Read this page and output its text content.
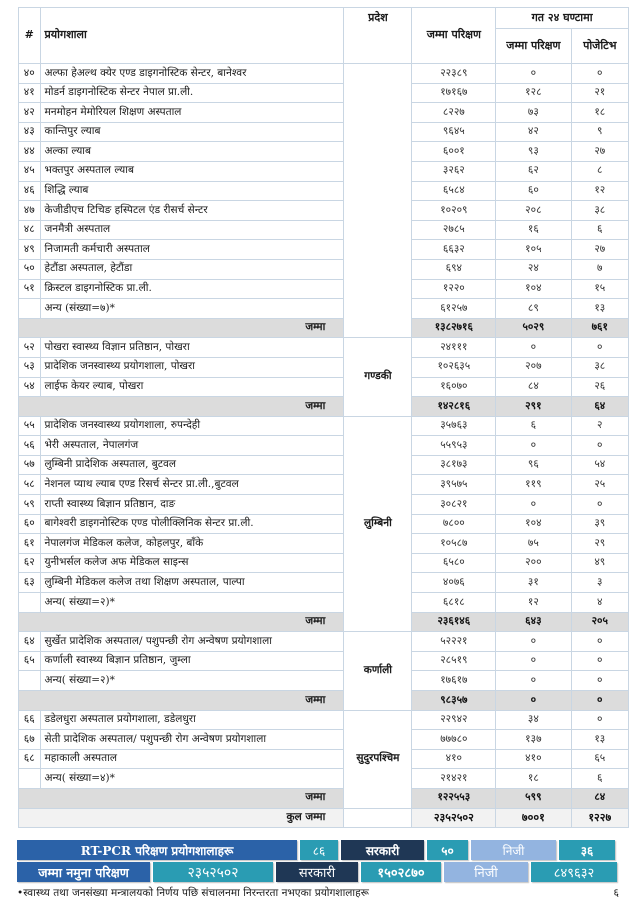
#	प्रयोगशाला	प्रदेश	जम्मा परिक्षण	गत २४ घण्टामा	
				जम्मा परिक्षण	पोजेटिभ
४०	अल्फा हेअल्थ क्येर एण्ड डाइगनोस्टिक सेन्टर, बानेश्वर		२२३८९	०	०
४१	मोडर्न डाइगनोस्टिक सेन्टर नेपाल प्रा.ली.		१७१६७	१२८	२१
४२	मनमोहन मेमोरियल शिक्षण अस्पताल		८२२७	७३	१८
४३	कान्तिपुर ल्याब		९६४५	४२	९
४४	अल्का ल्याब		६००१	९३	२७
४५	भक्तपुर अस्पताल ल्याब		३२६२	६२	८
४६	शिद्धि ल्याब		६५८४	६०	१२
४७	केजीडीएच टिचिङ हस्पिटल एंड रीसर्च सेन्टर		१०२०९	२०८	३८
४८	जनमैत्री अस्पताल		२७८५	१६	६
४९	निजामती कर्मचारी अस्पताल		६६३२	१०५	२७
५०	हेटौंडा अस्पताल, हेटौंडा		६९४	२४	७
५१	क्रिस्टल डाइगनोस्टिक प्रा.ली.		१२२०	१०४	१५
	अन्य (संख्या=७)*		६१२५७	८९	१३
जम्मा			१३८२७१६	५०२९	७६१
५२	पोखरा स्वास्थ्य विज्ञान प्रतिष्ठान, पोखरा	गण्डकी	२४१११	०	०
५३	प्रादेशिक जनस्वास्थ्य प्रयोगशाला, पोखरा		१०२६३५	२०७	३८
५४	लाईफ केयर ल्याब, पोखरा		१६०७०	८४	२६
जम्मा			१४२८१६	२९१	६४
५५	प्रादेशिक जनस्वास्थ्य प्रयोगशाला, रुपन्देही	लुम्बिनी	३५७६३	६	२
५६	भेरी अस्पताल, नेपालगंज		५५९५३	०	०
५७	लुम्बिनी प्रादेशिक अस्पताल, बुटवल		३८१७३	९६	५४
५८	नेशनल प्याथ ल्याब एण्ड रिसर्च सेन्टर प्रा.ली.,बुटवल		३९५७५	११९	२५
५९	राप्ती स्वास्थ्य बिज्ञान प्रतिष्ठान, दाङ		३०८२१	०	०
६०	बागेश्वरी डाइगनोस्टिक एण्ड पोलीक्लिनिक सेन्टर प्रा.ली.		७८००	१०४	३९
६१	नेपालगंज मेडिकल कलेज, कोहलपुर, बाँके		१०५८७	७५	२९
६२	युनीभर्सल कलेज अफ मेडिकल साइन्स		६५८०	२००	४९
६३	लुम्बिनी मेडिकल कलेज तथा शिक्षण अस्पताल, पाल्पा		४०७६	३१	३
	अन्य( संख्या=२)*		६८१८	१२	४
जम्मा			२३६१४६	६४३	२०५
६४	सुर्खेत प्रादेशिक अस्पताल/ पशुपन्छी रोग अन्वेषण प्रयोगशाला	कर्णाली	५२२२१	०	०
६५	कर्णाली स्वास्थ्य बिज्ञान प्रतिष्ठान, जुम्ला		२८५१९	०	०
	अन्य( संख्या=२)*		१७६१७	०	०
जम्मा			९८३५७	०	०
६६	डडेलधुरा अस्पताल प्रयोगशाला, डडेलधुरा	सुदुरपश्चिम	२२९४२	३४	०
६७	सेती प्रादेशिक अस्पताल/ पशुपन्छी रोग अन्वेषण प्रयोगशाला		७७७८०	१३७	१३
६८	महाकाली अस्पताल		४१०	४१०	६५
	अन्य( संख्या=४)*		२१४२१	१८	६
जम्मा			१२२५५३	५९९	८४
कुल जम्मा			२३५२५०२	७००१	१२२७
RT-PCR परिक्षण प्रयोगशालाहरू	८६	सरकारी	५०	निजी	३६
जम्मा नमुना परिक्षण	२३५२५०२	सरकारी	१५०२८७०	निजी	८४९६३२
•स्वास्थ्य तथा जनसंख्या मन्त्रालयको निर्णय पछि संचालनमा निरन्तरता नभएका प्रयोगशालाहरू	६
